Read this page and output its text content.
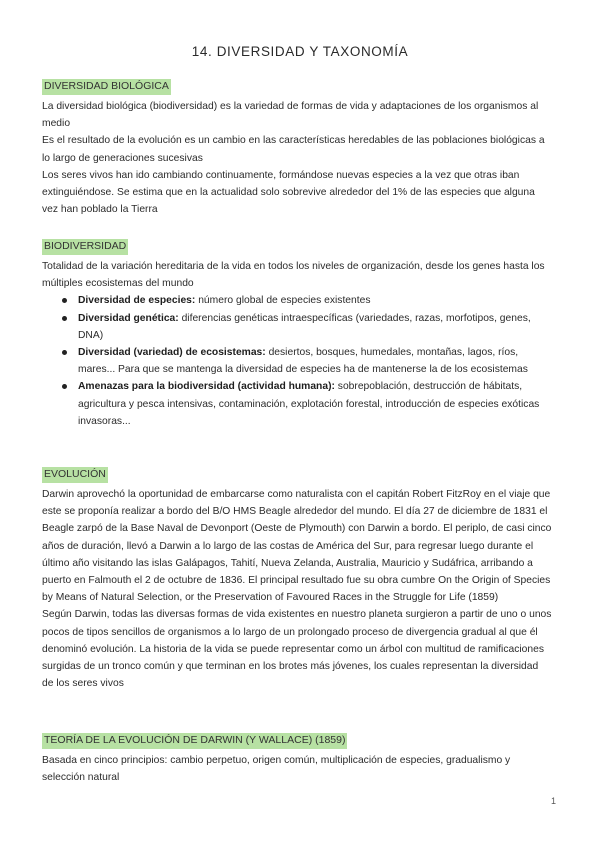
14. DIVERSIDAD Y TAXONOMÍA
DIVERSIDAD BIOLÓGICA

La diversidad biológica (biodiversidad) es la variedad de formas de vida y adaptaciones de los organismos al medio

Es el resultado de la evolución es un cambio en las características heredables de las poblaciones biológicas a lo largo de generaciones sucesivas

Los seres vivos han ido cambiando continuamente, formándose nuevas especies a la vez que otras iban extinguiéndose. Se estima que en la actualidad solo sobrevive alrededor del 1% de las especies que alguna vez han poblado la Tierra

BIODIVERSIDAD

Totalidad de la variación hereditaria de la vida en todos los niveles de organización, desde los genes hasta los múltiples ecosistemas del mundo

Diversidad de especies: número global de especies existentes
Diversidad genética: diferencias genéticas intraespecíficas (variedades, razas, morfotipos, genes, DNA)
Diversidad (variedad) de ecosistemas: desiertos, bosques, humedales, montañas, lagos, ríos, mares... Para que se mantenga la diversidad de especies ha de mantenerse la de los ecosistemas
Amenazas para la biodiversidad (actividad humana): sobrepoblación, destrucción de hábitats, agricultura y pesca intensivas, contaminación, explotación forestal, introducción de especies exóticas invasoras...
EVOLUCIÓN

Darwin aprovechó la oportunidad de embarcarse como naturalista con el capitán Robert FitzRoy en el viaje que este se proponía realizar a bordo del B/O HMS Beagle alrededor del mundo. El día 27 de diciembre de 1831 el Beagle zarpó de la Base Naval de Devonport (Oeste de Plymouth) con Darwin a bordo. El periplo, de casi cinco años de duración, llevó a Darwin a lo largo de las costas de América del Sur, para regresar luego durante el último año visitando las islas Galápagos, Tahití, Nueva Zelanda, Australia, Mauricio y Sudáfrica, arribando a puerto en Falmouth el 2 de octubre de 1836. El principal resultado fue su obra cumbre On the Origin of Species by Means of Natural Selection, or the Preservation of Favoured Races in the Struggle for Life (1859)

Según Darwin, todas las diversas formas de vida existentes en nuestro planeta surgieron a partir de uno o unos pocos de tipos sencillos de organismos a lo largo de un prolongado proceso de divergencia gradual al que él denominó evolución. La historia de la vida se puede representar como un árbol con multitud de ramificaciones surgidas de un tronco común y que terminan en los brotes más jóvenes, los cuales representan la diversidad de los seres vivos

TEORÍA DE LA EVOLUCIÓN DE DARWIN (Y WALLACE) (1859)

Basada en cinco principios: cambio perpetuo, origen común, multiplicación de especies, gradualismo y selección natural

1
